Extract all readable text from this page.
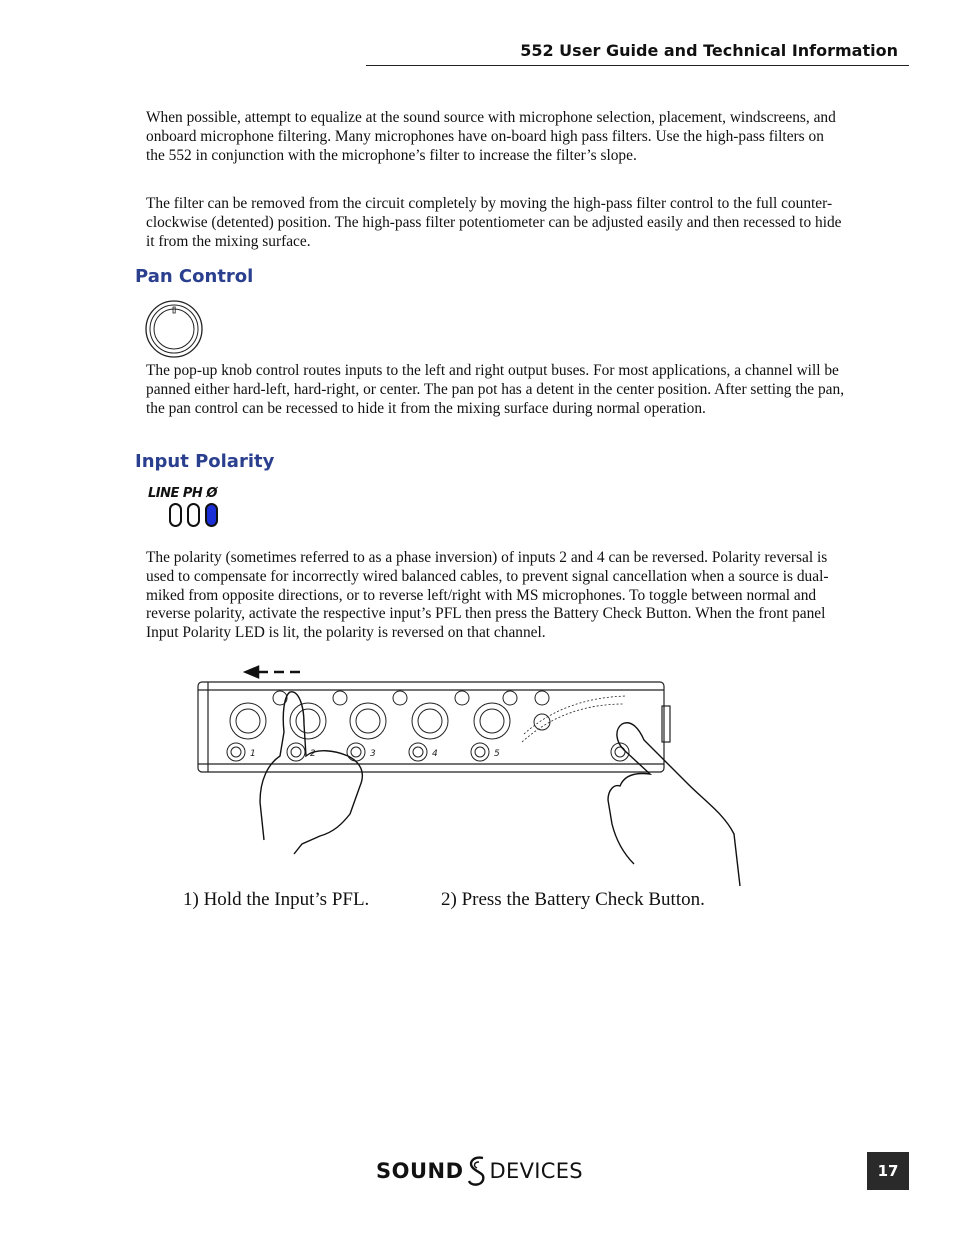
552 User Guide and Technical Information

When possible, attempt to equalize at the sound source with microphone selection, placement, windscreens, and onboard microphone filtering. Many microphones have on-board high pass filters. Use the high-pass filters on the 552 in conjunction with the microphone’s filter to increase the filter’s slope.

The filter can be removed from the circuit completely by moving the high-pass filter control to the full counter-clockwise (detented) position. The high-pass filter potentiometer can be adjusted easily and then recessed to hide it from the mixing surface.

Pan Control

The pop-up knob control routes inputs to the left and right output buses. For most applications, a channel will be panned either hard-left, hard-right, or center. The pan pot has a detent in the center position. After setting the pan, the pan control can be recessed to hide it from the mixing surface during normal operation.

Input Polarity
LINE PH Ø

The polarity (sometimes referred to as a phase inversion) of inputs 2 and 4 can be reversed. Polarity reversal is used to compensate for incorrectly wired balanced cables, to prevent signal cancellation when a source is dual-miked from opposite directions, or to reverse left/right with MS microphones. To toggle between normal and reverse polarity, activate the respective input’s PFL then press the Battery Check Button. When the front panel Input Polarity LED is lit, the polarity is reversed on that channel.

1	2	3	4	5
1) Hold the Input’s PFL.	2) Press the Battery Check Button.
SOUND DEVICES	17
